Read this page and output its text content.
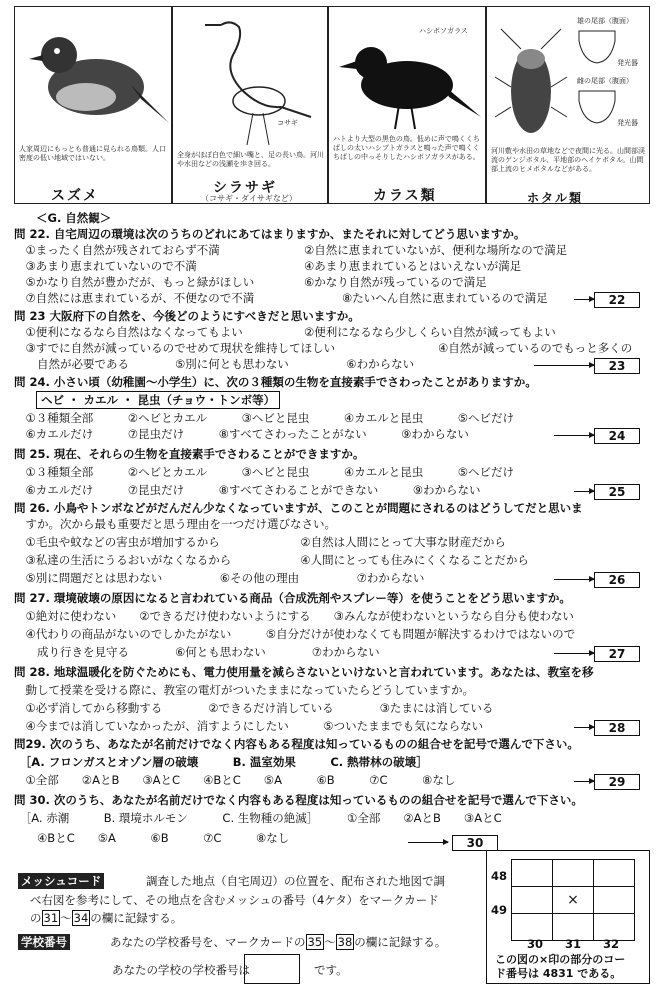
人家周辺にもっとも普通に見られる鳥類。人口密度の低い地域ではいない。
スズメ
コサギ
全身がほぼ白色で細い嘴と、足の長い鳥。河川や水田などの浅瀬を歩き回る。
シラサギ
（コサギ・ダイサギなど）
ハシボソガラス
ハトより大型の黒色の鳥。低めに声で鳴くくちばしの太いハシブトガラスと鳴った声で鳴くくちばしの中っそりしたハシボソガラスがある。
カラス類
雄の尾部（腹面）
発光器
雌の尾部（腹面）
発光器
河川敷や水田の草地などで夜間に光る。山間部渓流のゲンジボタル、平地部のヘイケボタル。山間部上流のヒメボタルなどがある。
ホタル類
＜G. 自然観＞
問 22. 自宅周辺の環境は次のうちのどれにあてはまりますか、またそれに対してどう思いますか。
　①まったく自然が残されておらず不満	②自然に恵まれていないが、便利な場所なので満足
　③あまり恵まれていないので不満	④あまり恵まれているとはいえないが満足
　⑤かなり自然が豊かだが、もっと緑がほしい	⑥かなり自然が残っているので満足
　⑦自然には恵まれているが、不便なので不満	⑧たいへん自然に恵まれているので満足	22
問 23 大阪府下の自然を、今後どのようにすべきだと思いますか。
　①便利になるなら自然はなくなってもよい	②便利になるなら少しくらい自然が減ってもよい
　③すでに自然が減っているのでせめて現状を維持してほしい	④自然が減っているのでもっと多くの
　　自然が必要である　　　　⑤別に何とも思わない　　　　　⑥わからない	23
問 24. 小さい頃（幼稚園〜小学生）に、次の３種類の生物を直接素手でさわったことがありますか。
ヘビ ・ カエル ・ 昆虫（チョウ・トンボ等）
　①３種類全部　　　②ヘビとカエル　　　③ヘビと昆虫　　　④カエルと昆虫　　　⑤ヘビだけ
　⑥カエルだけ　　　⑦昆虫だけ　　　⑧すべてさわったことがない　　　⑨わからない	24
問 25. 現在、それらの生物を直接素手でさわることができますか。
　①３種類全部　　　②ヘビとカエル　　　③ヘビと昆虫　　　④カエルと昆虫　　　⑤ヘビだけ
　⑥カエルだけ　　　⑦昆虫だけ　　　⑧すべてさわることができない　　　⑨わからない	25
問 26. 小鳥やトンボなどがだんだん少なくなっていますが、このことが問題にされるのはどうしてだと思いま
　すか。次から最も重要だと思う理由を一つだけ選びなさい。
　①毛虫や蚊などの害虫が増加するから　　　　　　　②自然は人間にとって大事な財産だから
　③私達の生活にうるおいがなくなるから　　　　　　④人間にとっても住みにくくなることだから
　⑤別に問題だとは思わない　　　　　⑥その他の理由　　　　　⑦わからない	26
問 27. 環境破壊の原因になると言われている商品（合成洗剤やスプレー等）を使うことをどう思いますか。
　①絶対に使わない　　②できるだけ使わないようにする　　③みんなが使わないというなら自分も使わない
　④代わりの商品がないのでしかたがない　　　⑤自分だけが使わなくても問題が解決するわけではないので
　　成り行きを見守る　　　　⑥何とも思わない　　　　⑦わからない	27
問 28. 地球温暖化を防ぐためにも、電力使用量を減らさないといけないと言われています。あなたは、教室を移
　動して授業を受ける際に、教室の電灯がついたままになっていたらどうしていますか。
　①必ず消してから移動する　　　　②できるだけ消している　　　　③たまには消している
　④今までは消していなかったが、消すようにしたい　　　⑤ついたままでも気にならない	28
問29. 次のうち、あなたが名前だけでなく内容もある程度は知っているものの組合せを記号で選んで下さい。
　［A. フロンガスとオゾン層の破壊　　　B. 温室効果　　　C. 熱帯林の破壊］
　①全部　　②AとB　　③AとC　　④BとC　　⑤A　　　⑥B　　　⑦C　　　⑧なし	29
問 30. 次のうち、あなたが名前だけでなく内容もある程度は知っているものの組合せを記号で選んで下さい。
　［A. 赤潮　　　B. 環境ホルモン　　　C. 生物種の絶滅］　　　①全部　　②AとB　　③AとC
　　④BとC　　⑤A　　　⑥B　　　⑦C　　　⑧なし	30
メッシュコード	調査した地点（自宅周辺）の位置を、配布された地図で調
べ右図を参考にして、その地点を含むメッシュの番号（4ケタ）をマークカード
の 31 〜 34 の欄に記録する。
48
49

	×	

30 31 32
この図の×印の部分のコー
ド番号は 4831 である。
学校番号	あなたの学校番号を、マークカードの 35 〜 38 の欄に記録する。
あなたの学校の学校番号は	です。
